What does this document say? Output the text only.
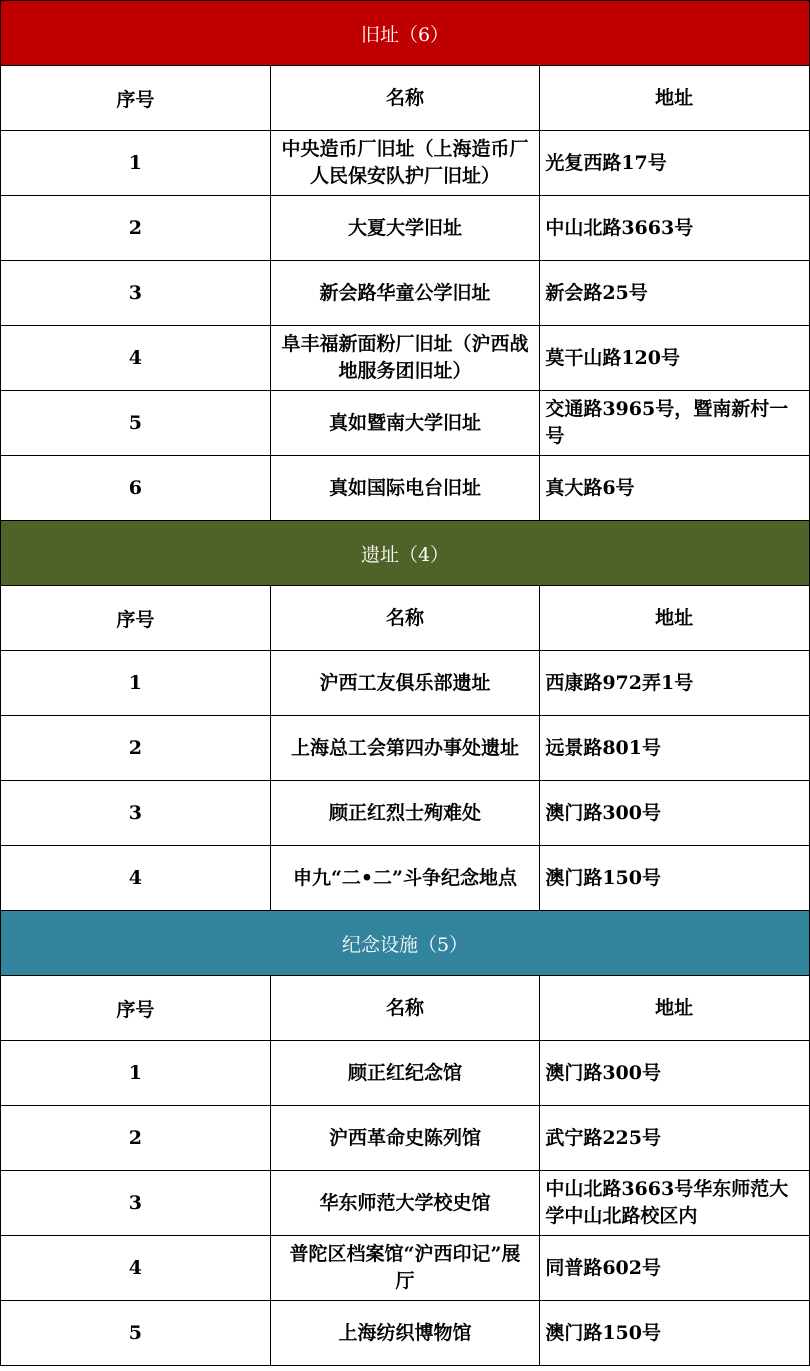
旧址（6）		
序号	名称	地址
1	中央造币厂旧址（上海造币厂人民保安队护厂旧址）	光复西路17号
2	大夏大学旧址	中山北路3663号
3	新会路华童公学旧址	新会路25号
4	阜丰福新面粉厂旧址（沪西战地服务团旧址）	莫干山路120号
5	真如暨南大学旧址	交通路3965号，暨南新村一号
6	真如国际电台旧址	真大路6号
遗址（4）		
序号	名称	地址
1	沪西工友俱乐部遗址	西康路972弄1号
2	上海总工会第四办事处遗址	远景路801号
3	顾正红烈士殉难处	澳门路300号
4	申九“二•二”斗争纪念地点	澳门路150号
纪念设施（5）		
序号	名称	地址
1	顾正红纪念馆	澳门路300号
2	沪西革命史陈列馆	武宁路225号
3	华东师范大学校史馆	中山北路3663号华东师范大学中山北路校区内
4	普陀区档案馆“沪西印记”展厅	同普路602号
5	上海纺织博物馆	澳门路150号
